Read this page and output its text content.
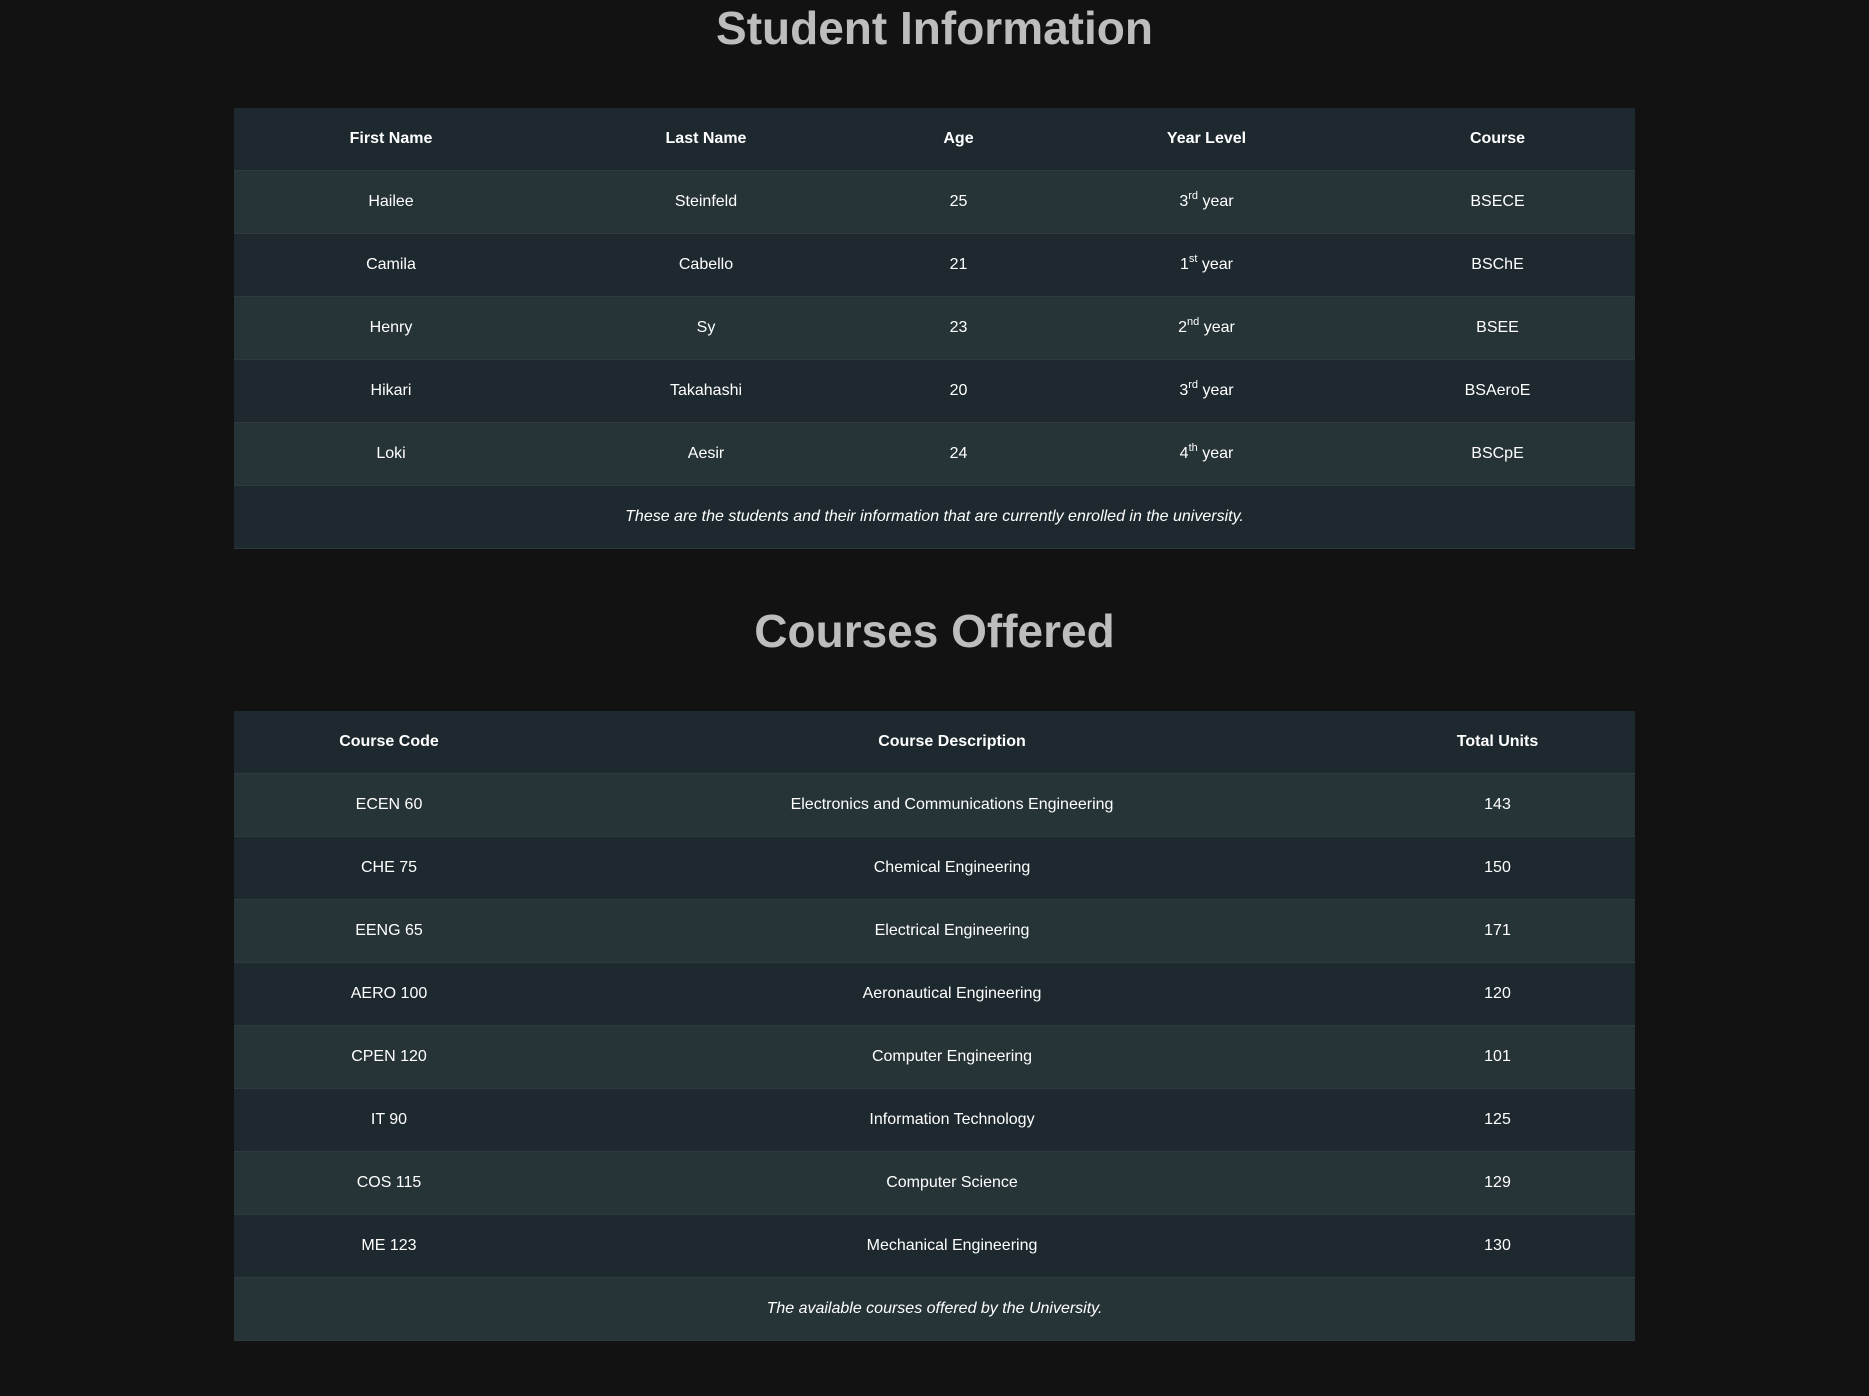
Student Information
First Name	Last Name	Age	Year Level	Course
Hailee	Steinfeld	25	3rd year	BSECE
Camila	Cabello	21	1st year	BSChE
Henry	Sy	23	2nd year	BSEE
Hikari	Takahashi	20	3rd year	BSAeroE
Loki	Aesir	24	4th year	BSCpE
These are the students and their information that are currently enrolled in the university.				
Courses Offered
Course Code	Course Description	Total Units
ECEN 60	Electronics and Communications Engineering	143
CHE 75	Chemical Engineering	150
EENG 65	Electrical Engineering	171
AERO 100	Aeronautical Engineering	120
CPEN 120	Computer Engineering	101
IT 90	Information Technology	125
COS 115	Computer Science	129
ME 123	Mechanical Engineering	130
The available courses offered by the University.		
